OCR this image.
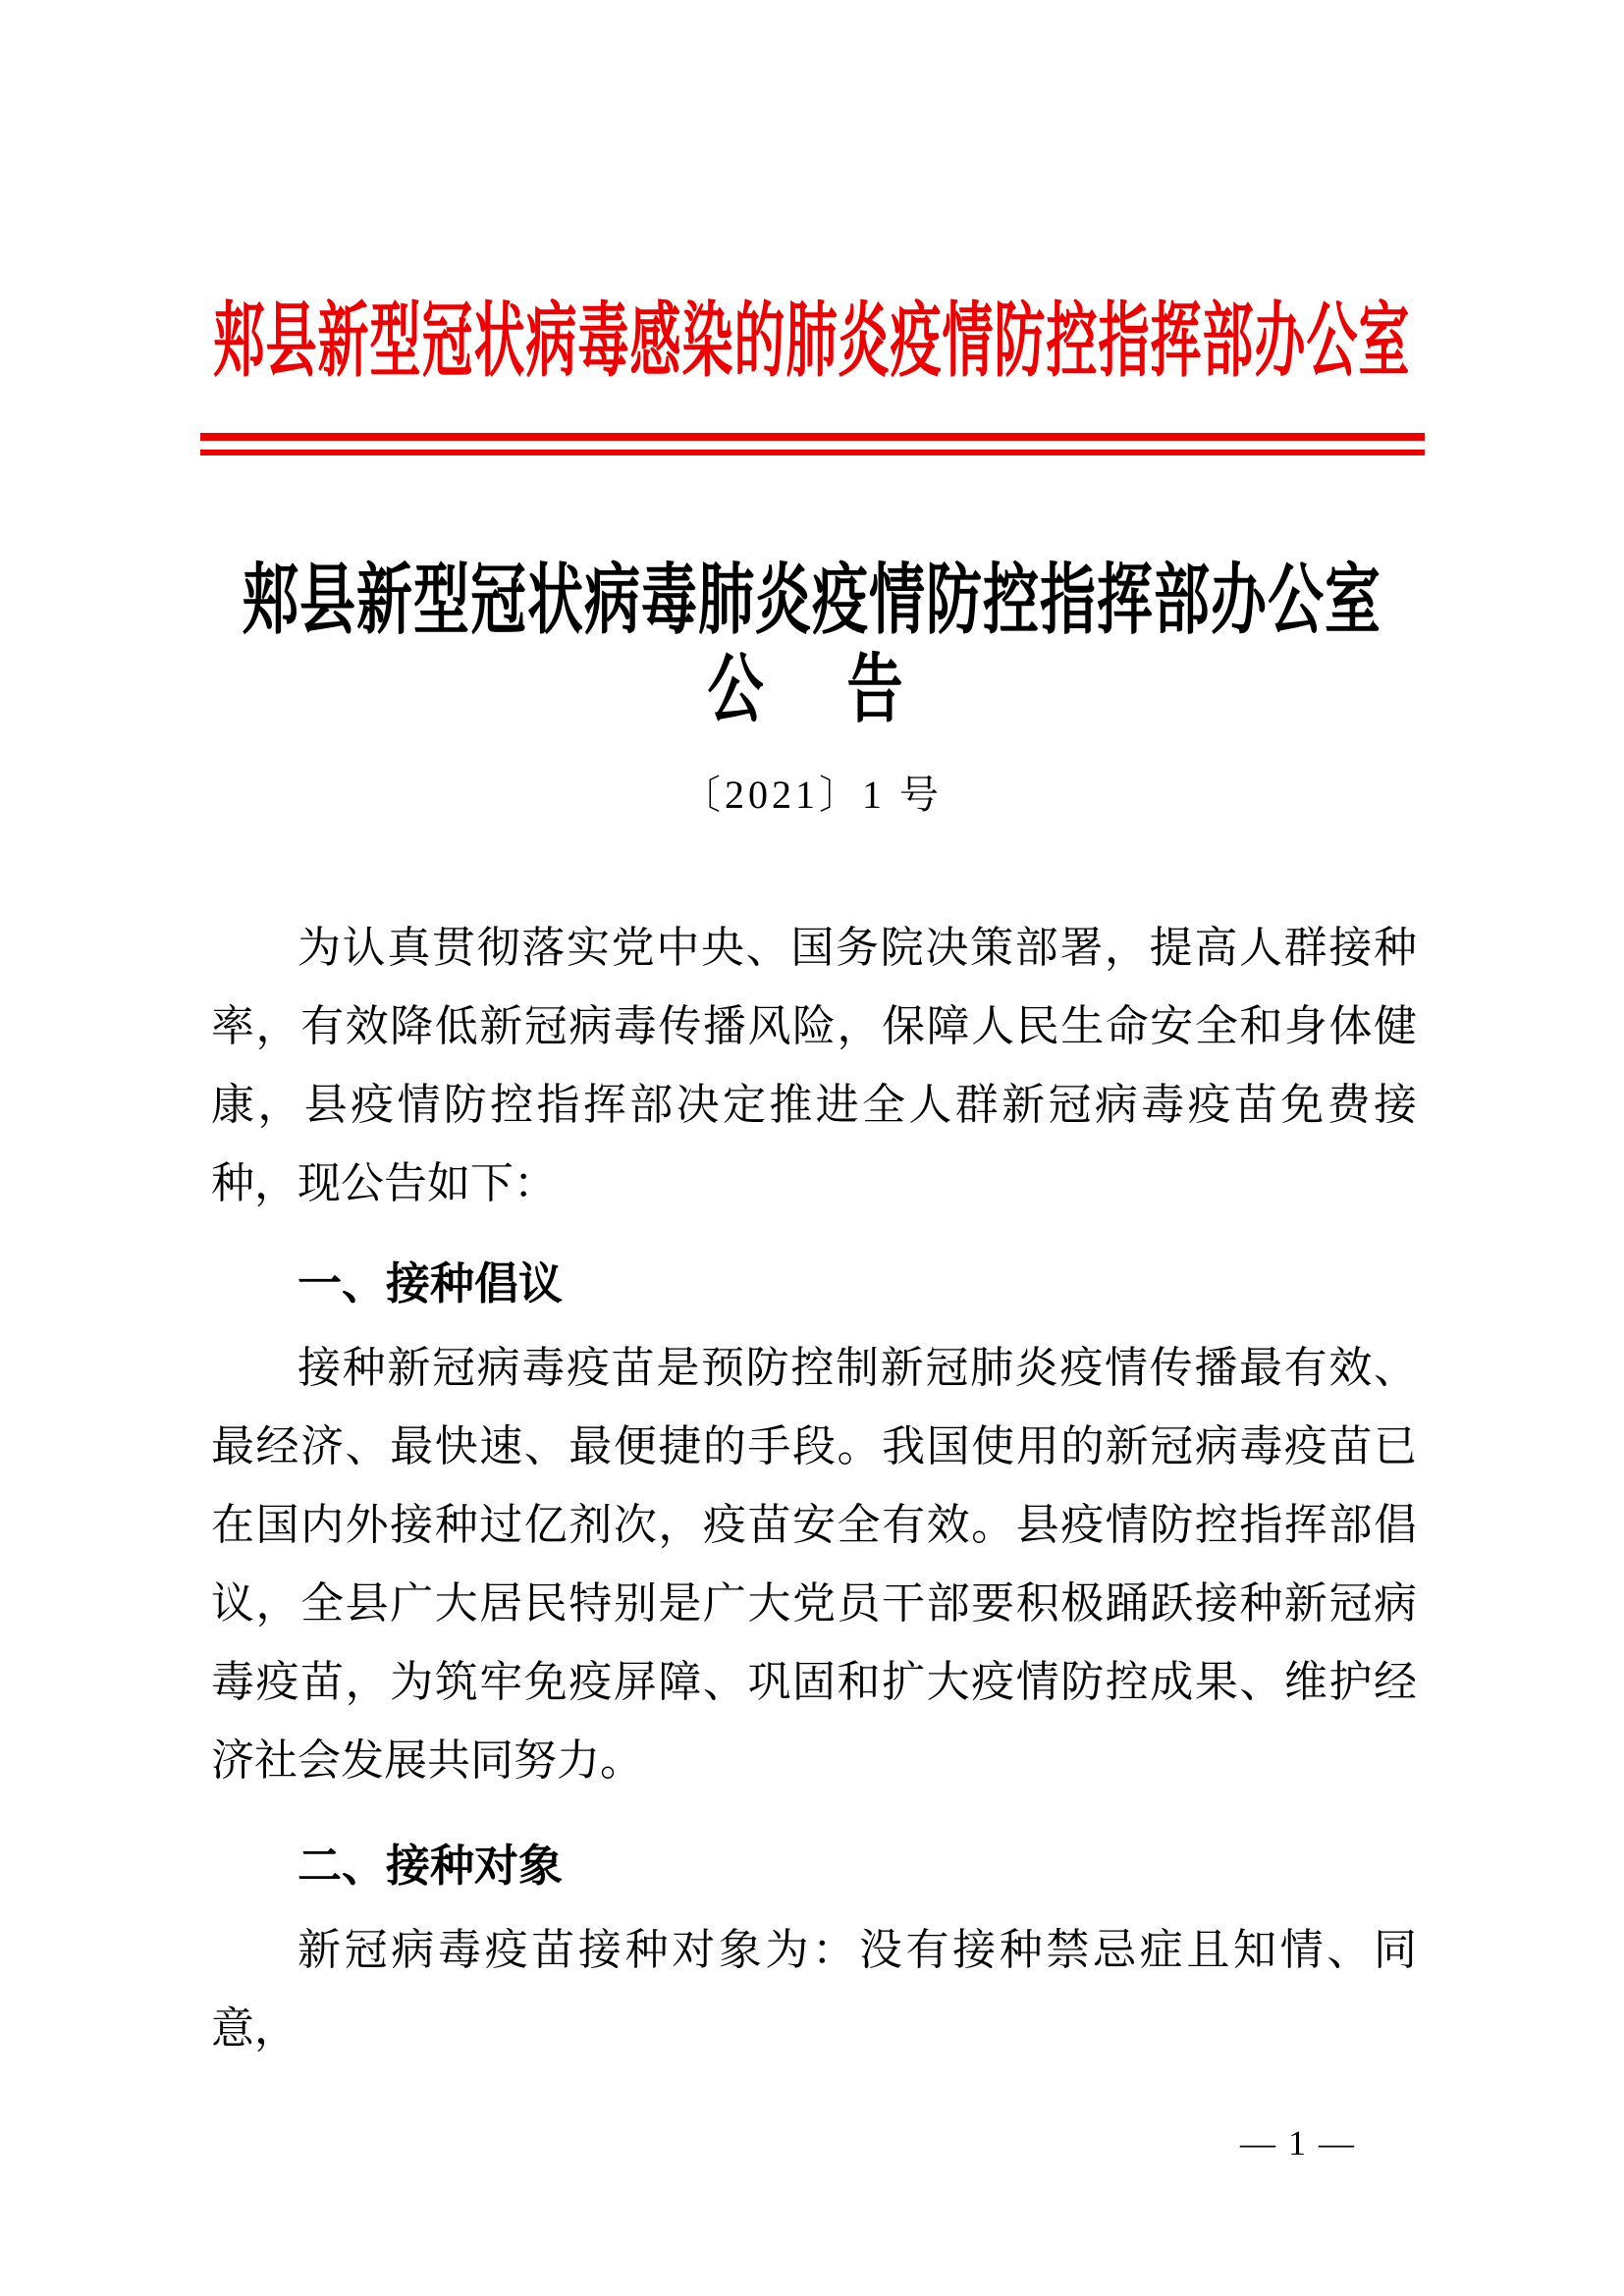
郏县新型冠状病毒感染的肺炎疫情防控指挥部办公室
郏县新型冠状病毒肺炎疫情防控指挥部办公室
公　告
〔2021〕1 号

为认真贯彻落实党中央、国务院决策部署，提高人群接种率，有效降低新冠病毒传播风险，保障人民生命安全和身体健康，县疫情防控指挥部决定推进全人群新冠病毒疫苗免费接种，现公告如下：

一、接种倡议

接种新冠病毒疫苗是预防控制新冠肺炎疫情传播最有效、最经济、最快速、最便捷的手段。我国使用的新冠病毒疫苗已在国内外接种过亿剂次，疫苗安全有效。县疫情防控指挥部倡议，全县广大居民特别是广大党员干部要积极踊跃接种新冠病毒疫苗，为筑牢免疫屏障、巩固和扩大疫情防控成果、维护经济社会发展共同努力。

二、接种对象

新冠病毒疫苗接种对象为：没有接种禁忌症且知情、同意，

— 1 —
